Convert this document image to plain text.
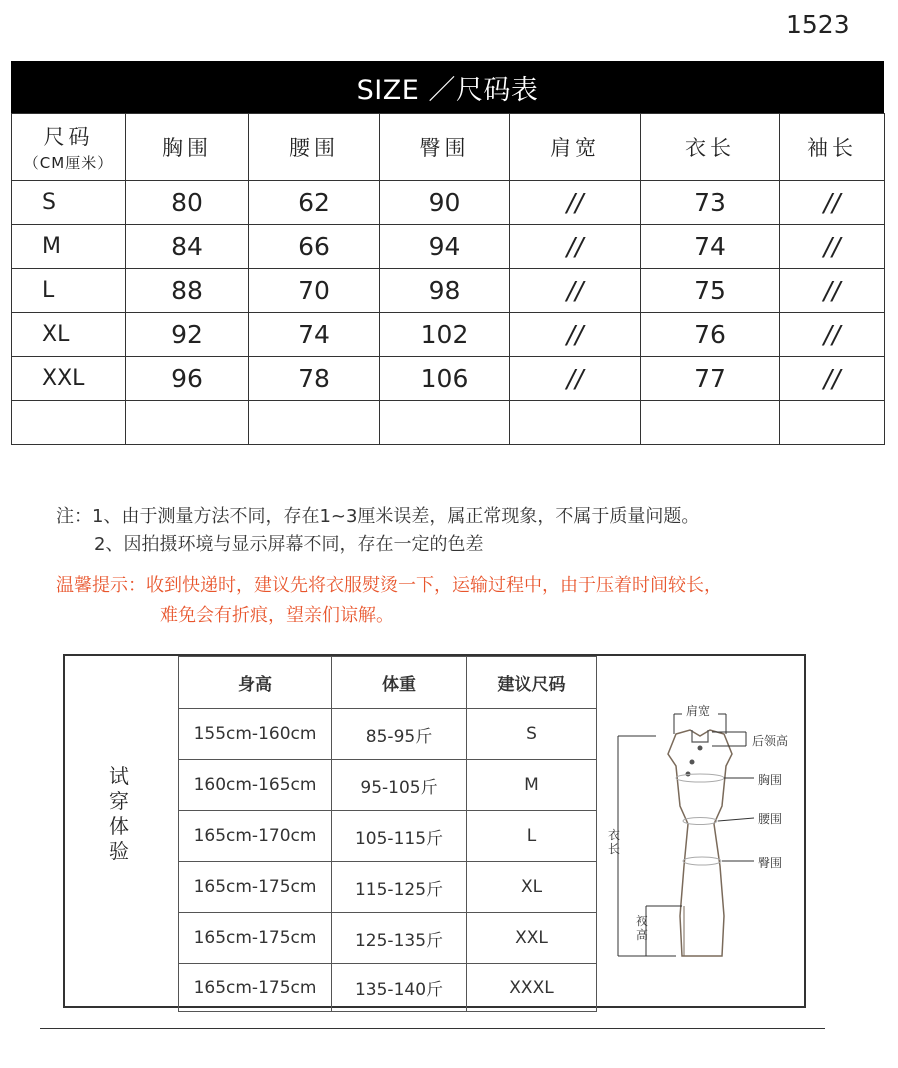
1523
SIZE ／尺码表
尺码
（CM厘米）	胸围	腰围	臀围	肩宽	衣长	袖长
S	80	62	90	//	73	//
M	84	66	94	//	74	//
L	88	70	98	//	75	//
XL	92	74	102	//	76	//
XXL	96	78	106	//	77	//

注：1、由于测量方法不同，存在1~3厘米误差，属正常现象，不属于质量问题。
2、因拍摄环境与显示屏幕不同，存在一定的色差
温馨提示：收到快递时，建议先将衣服熨烫一下，运输过程中，由于压着时间较长，
难免会有折痕，望亲们谅解。
试穿体验
身高	体重	建议尺码
155cm-160cm	85-95斤	S
160cm-165cm	95-105斤	M
165cm-170cm	105-115斤	L
165cm-175cm	115-125斤	XL
165cm-175cm	125-135斤	XXL
165cm-175cm	135-140斤	XXXL
肩宽
后领高
胸围
腰围
臀围
衣长
衩高
